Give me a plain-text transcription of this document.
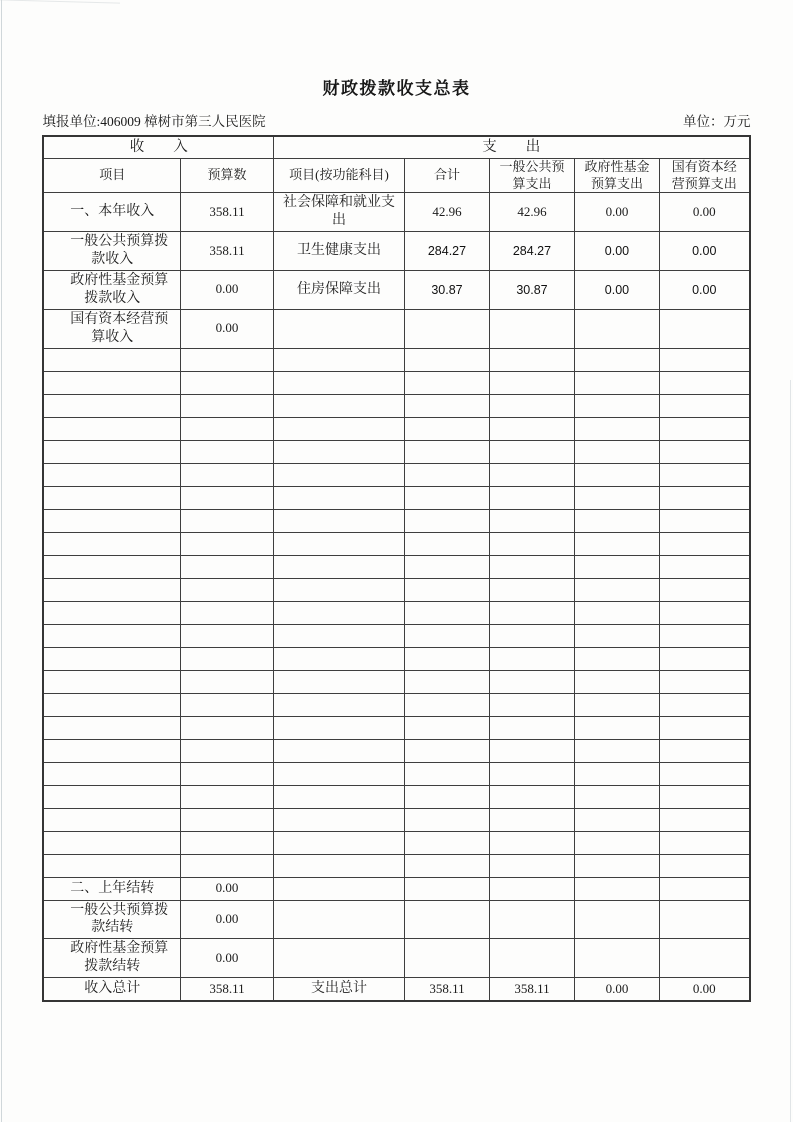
财政拨款收支总表
填报单位:406009 樟树市第三人民医院	单位：万元
收　　入		支　　出				
项目	预算数	项目(按功能科目)	合计	一般公共预算支出	政府性基金预算支出	国有资本经营预算支出
一、本年收入	358.11	社会保障和就业支出	42.96	42.96	0.00	0.00
一般公共预算拨款收入	358.11	卫生健康支出	284.27	284.27	0.00	0.00
政府性基金预算拨款收入	0.00	住房保障支出	30.87	30.87	0.00	0.00
国有资本经营预算收入	0.00					

二、上年结转	0.00					
一般公共预算拨款结转	0.00					
政府性基金预算拨款结转	0.00					
收入总计	358.11	支出总计	358.11	358.11	0.00	0.00
